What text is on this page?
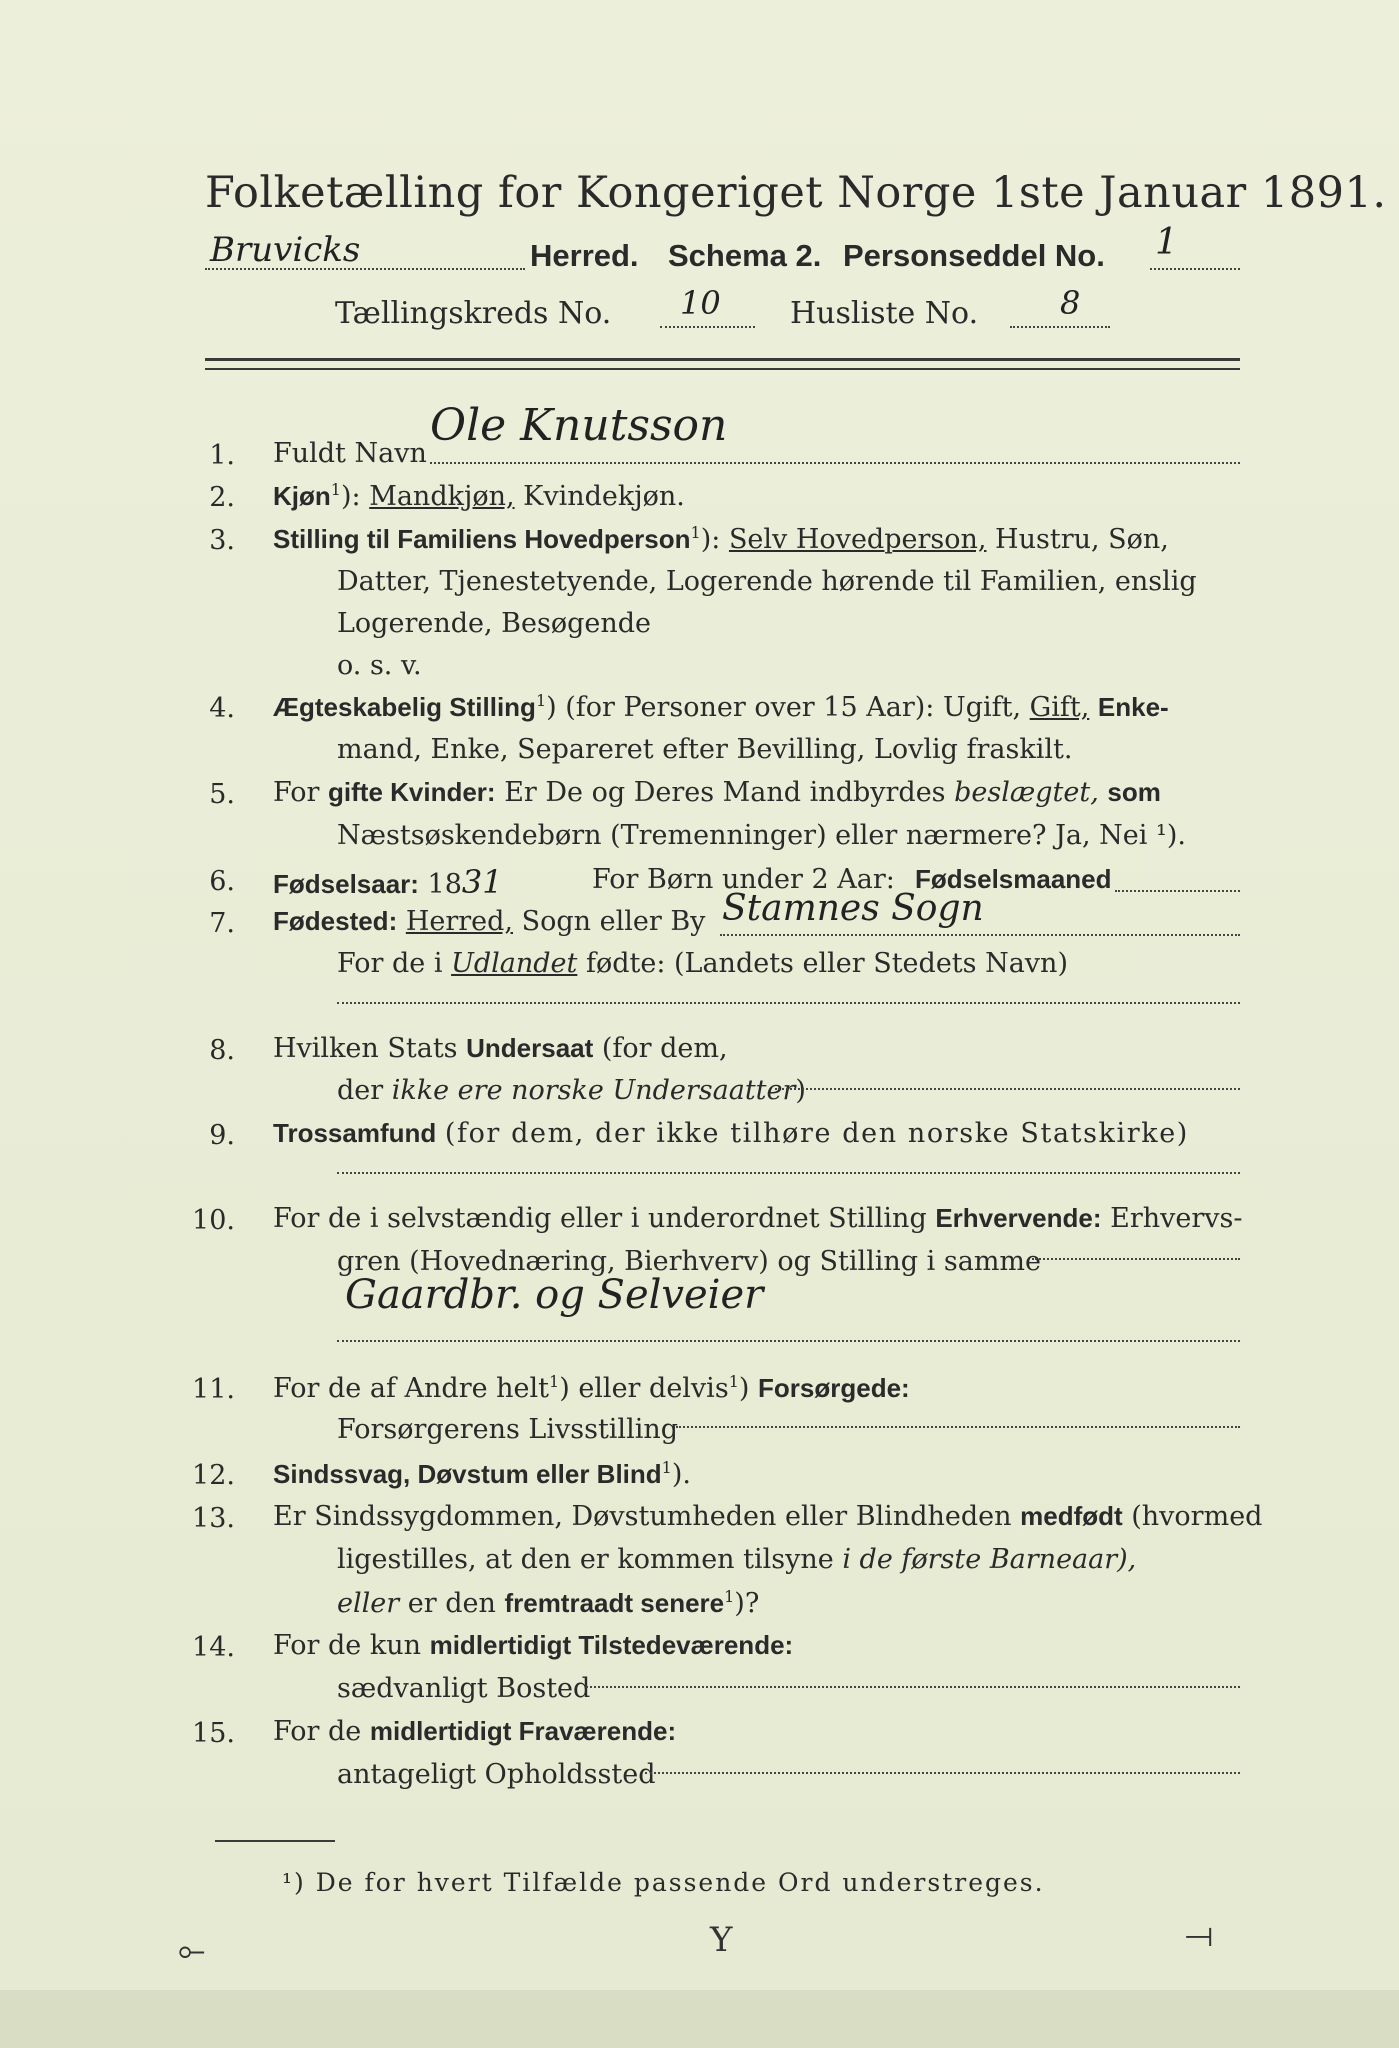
Folketælling for Kongeriget Norge 1ste Januar 1891.
Bruvicks	Herred. Schema 2. Personseddel No. 1
Tællingskreds No. 10 Husliste No.	8
1. Fuldt Navn
Ole Knutsson
2. Kjøn$^1$): Mandkjøn, Kvindekjøn.
3. Stilling til Familiens Hovedperson$^1$): Selv Hovedperson, Hustru, Søn,
Datter, Tjenestetyende, Logerende hørende til Familien, enslig
Logerende, Besøgende
o. s. v.
4. Ægteskabelig Stilling$^1$) (for Personer over 15 Aar): Ugift, Gift, Enke-
mand, Enke, Separeret efter Bevilling, Lovlig fraskilt.
5. For gifte Kvinder: Er De og Deres Mand indbyrdes beslægtet, som
Næstsøskendebørn (Tremenninger) eller nærmere? Ja, Nei ¹).
6. Fødselsaar: 1831	For Børn under 2 Aar: Fødselsmaaned
7. Fødested: Herred, Sogn eller By Stamnes Sogn
For de i Udlandet fødte: (Landets eller Stedets Navn)
8. Hvilken Stats Undersaat (for dem,
der ikke ere norske Undersaatter)
9. Trossamfund (for dem, der ikke tilhøre den norske Statskirke)
10. For de i selvstændig eller i underordnet Stilling Erhvervende: Erhvervs-
gren (Hovednæring, Bierhverv) og Stilling i samme
Gaardbr. og Selveier
11. For de af Andre helt$^1$) eller delvis$^1$) Forsørgede:
Forsørgerens Livsstilling
12. Sindssvag, Døvstum eller Blind$^1$).
13. Er Sindssygdommen, Døvstumheden eller Blindheden medfødt (hvormed
ligestilles, at den er kommen tilsyne i de første Barneaar),
eller er den fremtraadt senere$^1$)?
14. For de kun midlertidigt Tilstedeværende:
sædvanligt Bosted
15. For de midlertidigt Fraværende:
antageligt Opholdssted
¹) De for hvert Tilfælde passende Ord understreges.
⟜	Y	⟞
